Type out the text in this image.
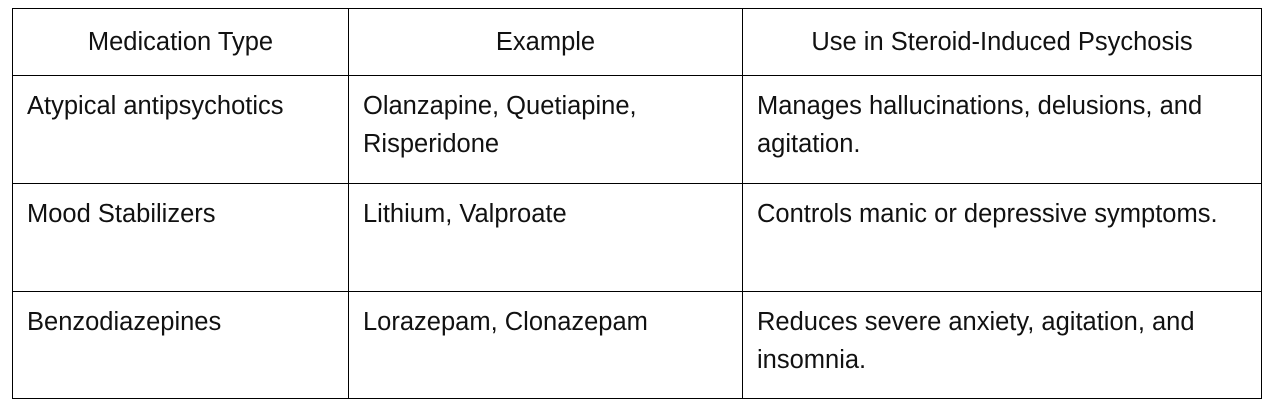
Medication Type	Example	Use in Steroid-Induced Psychosis
Atypical antipsychotics	Olanzapine, Quetiapine, Risperidone	Manages hallucinations, delusions, and agitation.
Mood Stabilizers	Lithium, Valproate	Controls manic or depressive symptoms.
Benzodiazepines	Lorazepam, Clonazepam	Reduces severe anxiety, agitation, and insomnia.
